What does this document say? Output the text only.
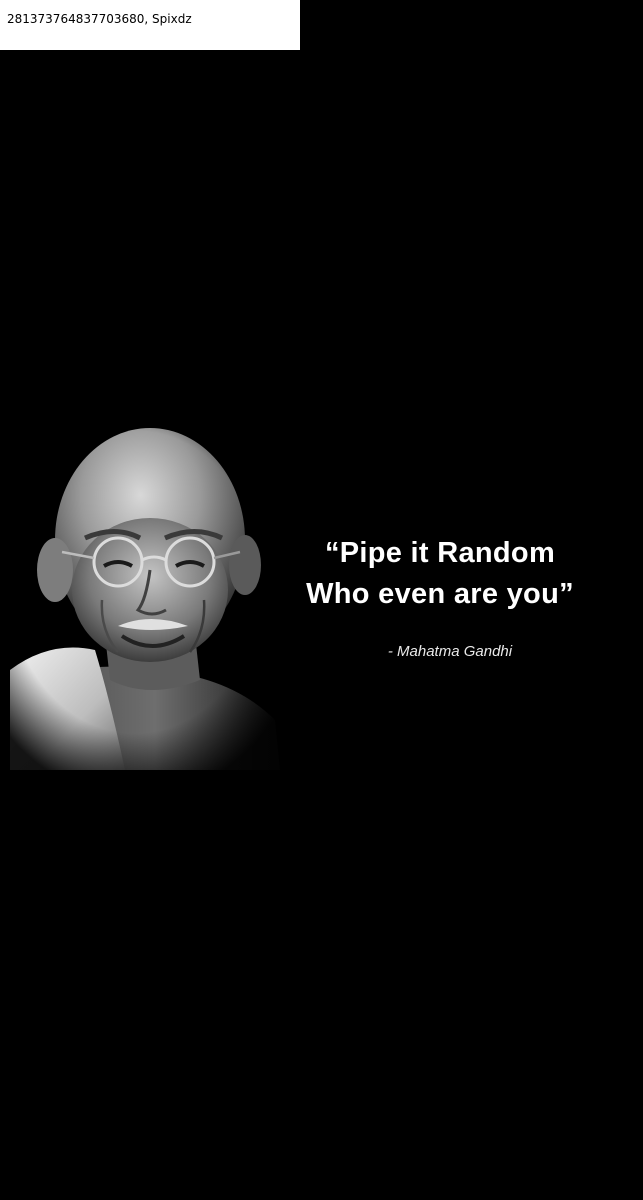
281373764837703680, Spixdz
“Pipe it Random
Who even are you”
- Mahatma Gandhi
